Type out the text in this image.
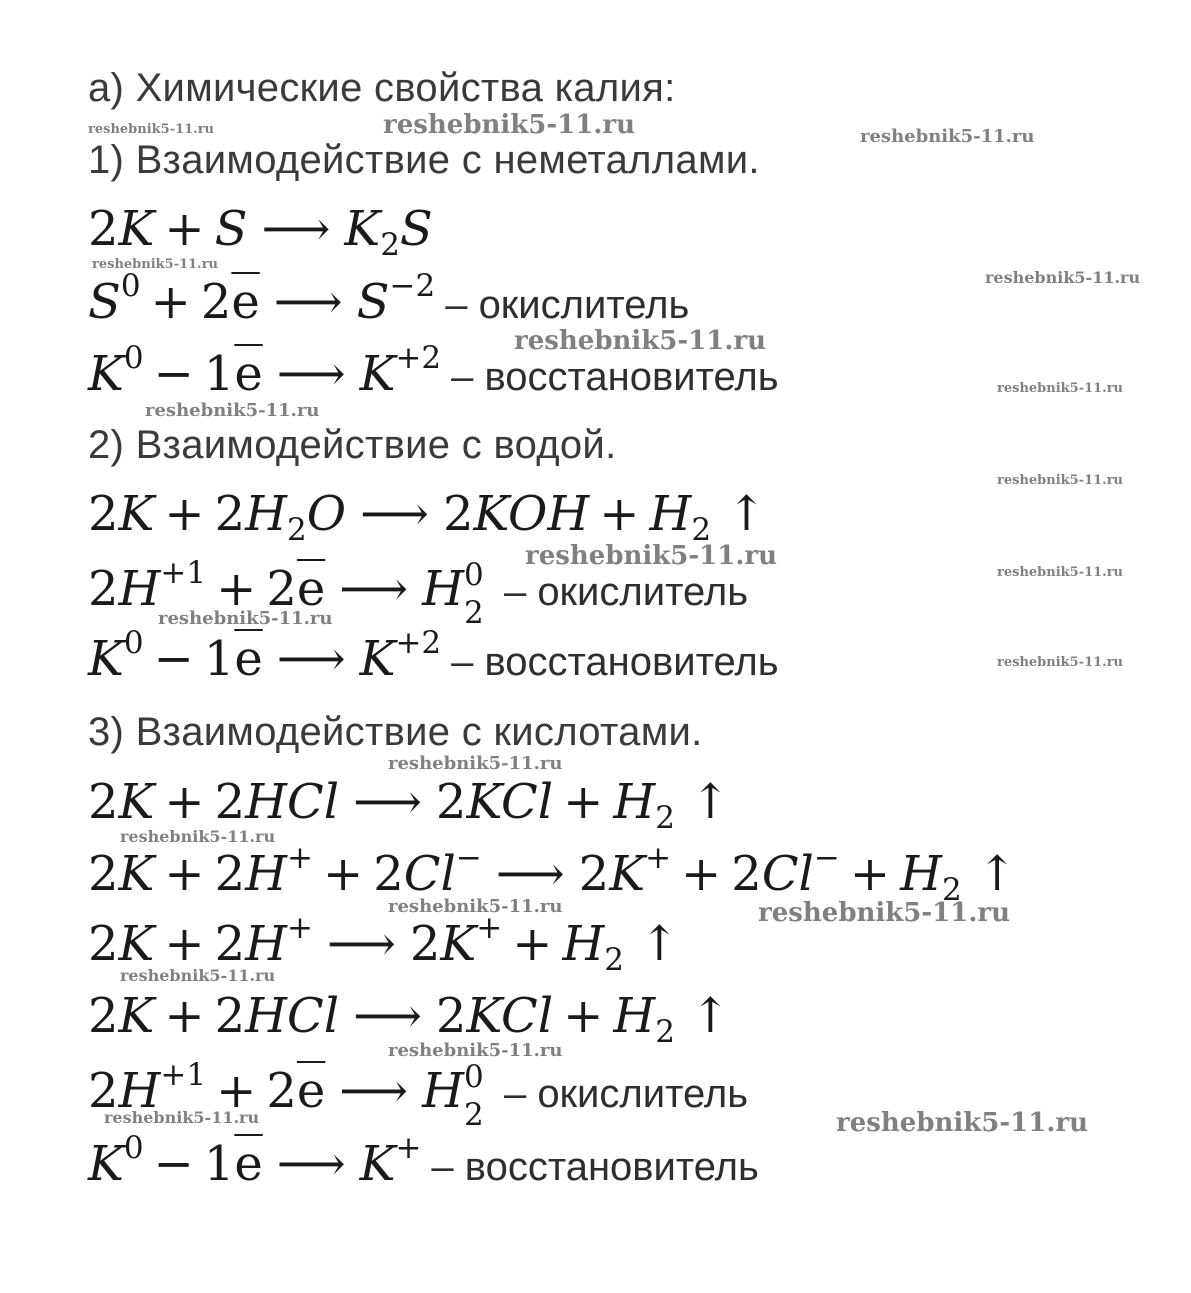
а) Химические свойства калия:
1) Взаимодействие с неметаллами.
2K + S ⟶ $K_2S$
$S^0 + 2\overline{e}$ ⟶ $S^{-2}$ – окислитель
$K^0 - 1\overline{e}$ ⟶ $K^{+2}$ – восстановитель
2) Взаимодействие с водой.
$2K + 2H_2O$ ⟶ $2KOH + H_2$ ↑
$2H^{+1} + 2\overline{e}$ ⟶ H 0
2 – окислитель
$K^0 - 1\overline{e}$ ⟶ $K^{+2}$ – восстановитель
3) Взаимодействие с кислотами.
2K + 2HCl ⟶ $2KCl + H_2$ ↑
2K + 2H+ + 2Cl− ⟶ $2K^+ + 2Cl^- + H_2$ ↑
2K + 2H+ ⟶ $2K^+ + H_2$ ↑
2K + 2HCl ⟶ $2KCl + H_2$ ↑
$2H^{+1} + 2\overline{e}$ ⟶ H 0
2 – окислитель
$K^0 - 1\overline{e}$ ⟶ K+ – восстановитель
reshebnik5-11.ru	reshebnik5-11.ru	reshebnik5-11.ru
reshebnik5-11.ru
reshebnik5-11.ru
reshebnik5-11.ru
reshebnik5-11.ru
reshebnik5-11.ru
reshebnik5-11.ru
reshebnik5-11.ru
reshebnik5-11.ru
reshebnik5-11.ru
reshebnik5-11.ru
reshebnik5-11.ru
reshebnik5-11.ru
reshebnik5-11.ru	reshebnik5-11.ru
reshebnik5-11.ru
reshebnik5-11.ru
reshebnik5-11.ru	reshebnik5-11.ru
